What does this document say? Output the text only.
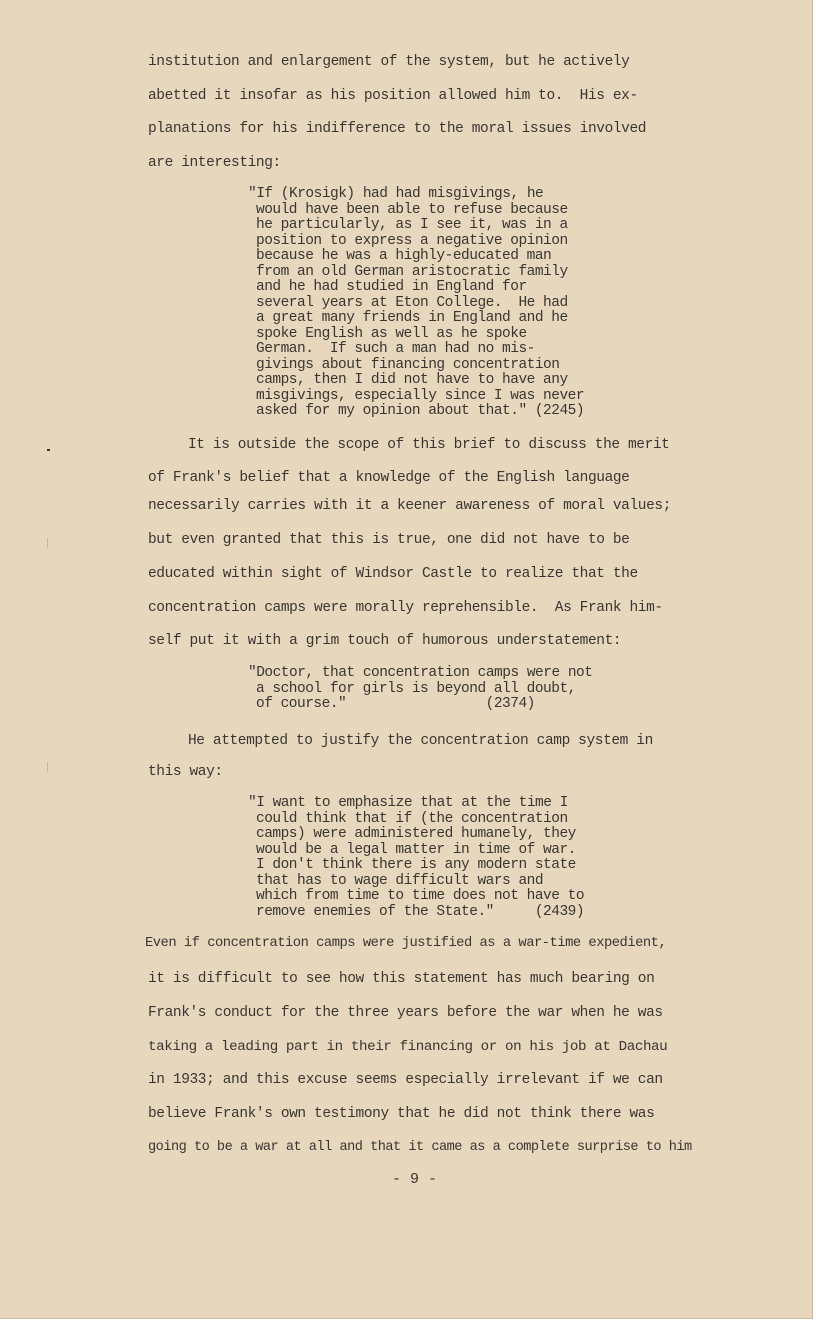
institution and enlargement of the system, but he actively
abetted it insofar as his position allowed him to.  His ex-
planations for his indifference to the moral issues involved
are interesting:
"If (Krosigk) had had misgivings, he
would have been able to refuse because
he particularly, as I see it, was in a
position to express a negative opinion
because he was a highly-educated man
from an old German aristocratic family
and he had studied in England for
several years at Eton College.  He had
a great many friends in England and he
spoke English as well as he spoke
German.  If such a man had no mis-
givings about financing concentration
camps, then I did not have to have any
misgivings, especially since I was never
asked for my opinion about that." (2245)
It is outside the scope of this brief to discuss the merit
of Frank's belief that a knowledge of the English language
necessarily carries with it a keener awareness of moral values;
but even granted that this is true, one did not have to be
educated within sight of Windsor Castle to realize that the
concentration camps were morally reprehensible.  As Frank him-
self put it with a grim touch of humorous understatement:
"Doctor, that concentration camps were not
a school for girls is beyond all doubt,
of course."                 (2374)
He attempted to justify the concentration camp system in
this way:
"I want to emphasize that at the time I
could think that if (the concentration
camps) were administered humanely, they
would be a legal matter in time of war.
I don't think there is any modern state
that has to wage difficult wars and
which from time to time does not have to
remove enemies of the State."     (2439)
Even if concentration camps were justified as a war-time expedient,
it is difficult to see how this statement has much bearing on
Frank's conduct for the three years before the war when he was
taking a leading part in their financing or on his job at Dachau
in 1933; and this excuse seems especially irrelevant if we can
believe Frank's own testimony that he did not think there was
going to be a war at all and that it came as a complete surprise to him
- 9 -
